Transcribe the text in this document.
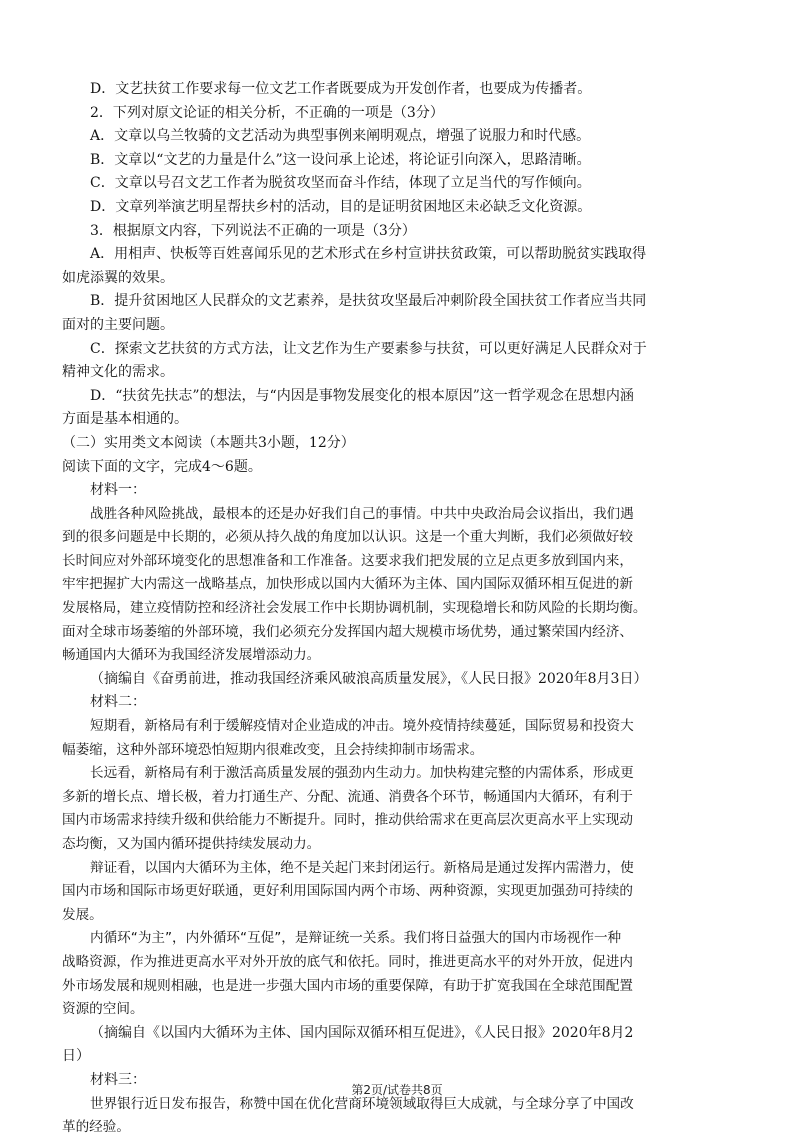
D．文艺扶贫工作要求每一位文艺工作者既要成为开发创作者，也要成为传播者。

2．下列对原文论证的相关分析，不正确的一项是（3分）

A．文章以乌兰牧骑的文艺活动为典型事例来阐明观点，增强了说服力和时代感。

B．文章以“文艺的力量是什么”这一设问承上论述，将论证引向深入，思路清晰。

C．文章以号召文艺工作者为脱贫攻坚而奋斗作结，体现了立足当代的写作倾向。

D．文章列举演艺明星帮扶乡村的活动，目的是证明贫困地区未必缺乏文化资源。

3．根据原文内容，下列说法不正确的一项是（3分）

A．用相声、快板等百姓喜闻乐见的艺术形式在乡村宣讲扶贫政策，可以帮助脱贫实践取得

如虎添翼的效果。

B．提升贫困地区人民群众的文艺素养，是扶贫攻坚最后冲刺阶段全国扶贫工作者应当共同

面对的主要问题。

C．探索文艺扶贫的方式方法，让文艺作为生产要素参与扶贫，可以更好满足人民群众对于

精神文化的需求。

D．“扶贫先扶志”的想法，与“内因是事物发展变化的根本原因”这一哲学观念在思想内涵

方面是基本相通的。

（二）实用类文本阅读（本题共3小题，12分）

阅读下面的文字，完成4～6题。

材料一：

战胜各种风险挑战，最根本的还是办好我们自己的事情。中共中央政治局会议指出，我们遇

到的很多问题是中长期的，必须从持久战的角度加以认识。这是一个重大判断，我们必须做好较

长时间应对外部环境变化的思想准备和工作准备。这要求我们把发展的立足点更多放到国内来，

牢牢把握扩大内需这一战略基点，加快形成以国内大循环为主体、国内国际双循环相互促进的新

发展格局，建立疫情防控和经济社会发展工作中长期协调机制，实现稳增长和防风险的长期均衡。

面对全球市场萎缩的外部环境，我们必须充分发挥国内超大规模市场优势，通过繁荣国内经济、

畅通国内大循环为我国经济发展增添动力。

（摘编自《奋勇前进，推动我国经济乘风破浪高质量发展》，《人民日报》2020年8月3日）

材料二：

短期看，新格局有利于缓解疫情对企业造成的冲击。境外疫情持续蔓延，国际贸易和投资大

幅萎缩，这种外部环境恐怕短期内很难改变，且会持续抑制市场需求。

长远看，新格局有利于激活高质量发展的强劲内生动力。加快构建完整的内需体系，形成更

多新的增长点、增长极，着力打通生产、分配、流通、消费各个环节，畅通国内大循环，有利于

国内市场需求持续升级和供给能力不断提升。同时，推动供给需求在更高层次更高水平上实现动

态均衡，又为国内循环提供持续发展动力。

辩证看，以国内大循环为主体，绝不是关起门来封闭运行。新格局是通过发挥内需潜力，使

国内市场和国际市场更好联通，更好利用国际国内两个市场、两种资源，实现更加强劲可持续的

发展。

内循环“为主”，内外循环“互促”，是辩证统一关系。我们将日益强大的国内市场视作一种

战略资源，作为推进更高水平对外开放的底气和依托。同时，推进更高水平的对外开放，促进内

外市场发展和规则相融，也是进一步强大国内市场的重要保障，有助于扩宽我国在全球范围配置

资源的空间。

（摘编自《以国内大循环为主体、国内国际双循环相互促进》，《人民日报》2020年8月2

日）

材料三：

世界银行近日发布报告，称赞中国在优化营商环境领域取得巨大成就，与全球分享了中国改

革的经验。

第2页/试卷共8页
